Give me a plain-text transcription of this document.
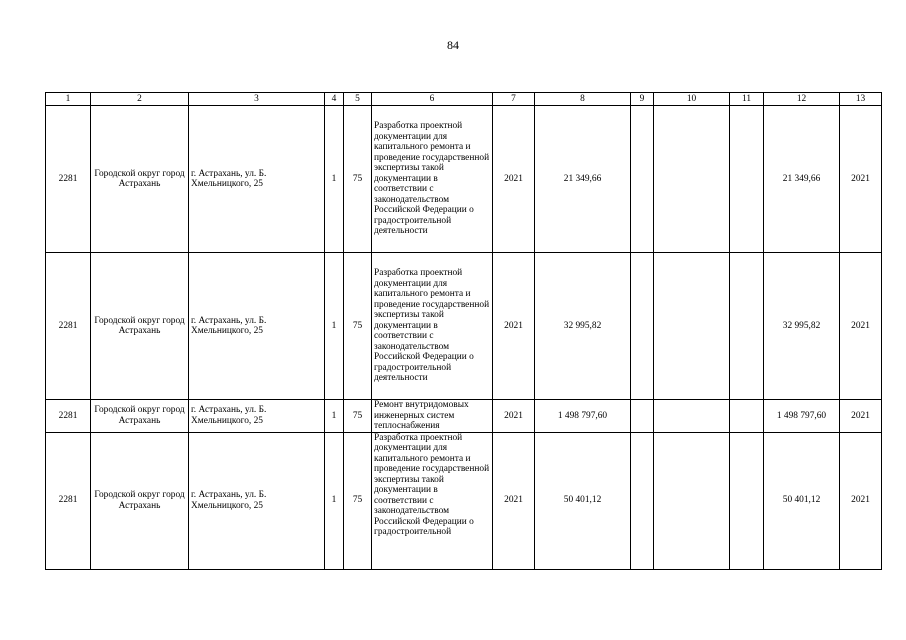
84
1	2	3	4	5	6	7	8	9	10	11	12	13
2281	Городской округ город Астрахань	г. Астрахань, ул. Б. Хмельницкого, 25	1	75	Разработка проектной документации для капитального ремонта и проведение государственной экспертизы такой документации в соответствии с законодательством Российской Федерации о градостроительной деятельности	2021	21 349,66				21 349,66	2021
2281	Городской округ город Астрахань	г. Астрахань, ул. Б. Хмельницкого, 25	1	75	Разработка проектной документации для капитального ремонта и проведение государственной экспертизы такой документации в соответствии с законодательством Российской Федерации о градостроительной деятельности	2021	32 995,82				32 995,82	2021
2281	Городской округ город Астрахань	г. Астрахань, ул. Б. Хмельницкого, 25	1	75	Ремонт внутридомовых инженерных систем теплоснабжения	2021	1 498 797,60				1 498 797,60	2021
2281	Городской округ город Астрахань	г. Астрахань, ул. Б. Хмельницкого, 25	1	75	Разработка проектной документации для капитального ремонта и проведение государственной экспертизы такой документации в соответствии с законодательством Российской Федерации о градостроительной	2021	50 401,12				50 401,12	2021
